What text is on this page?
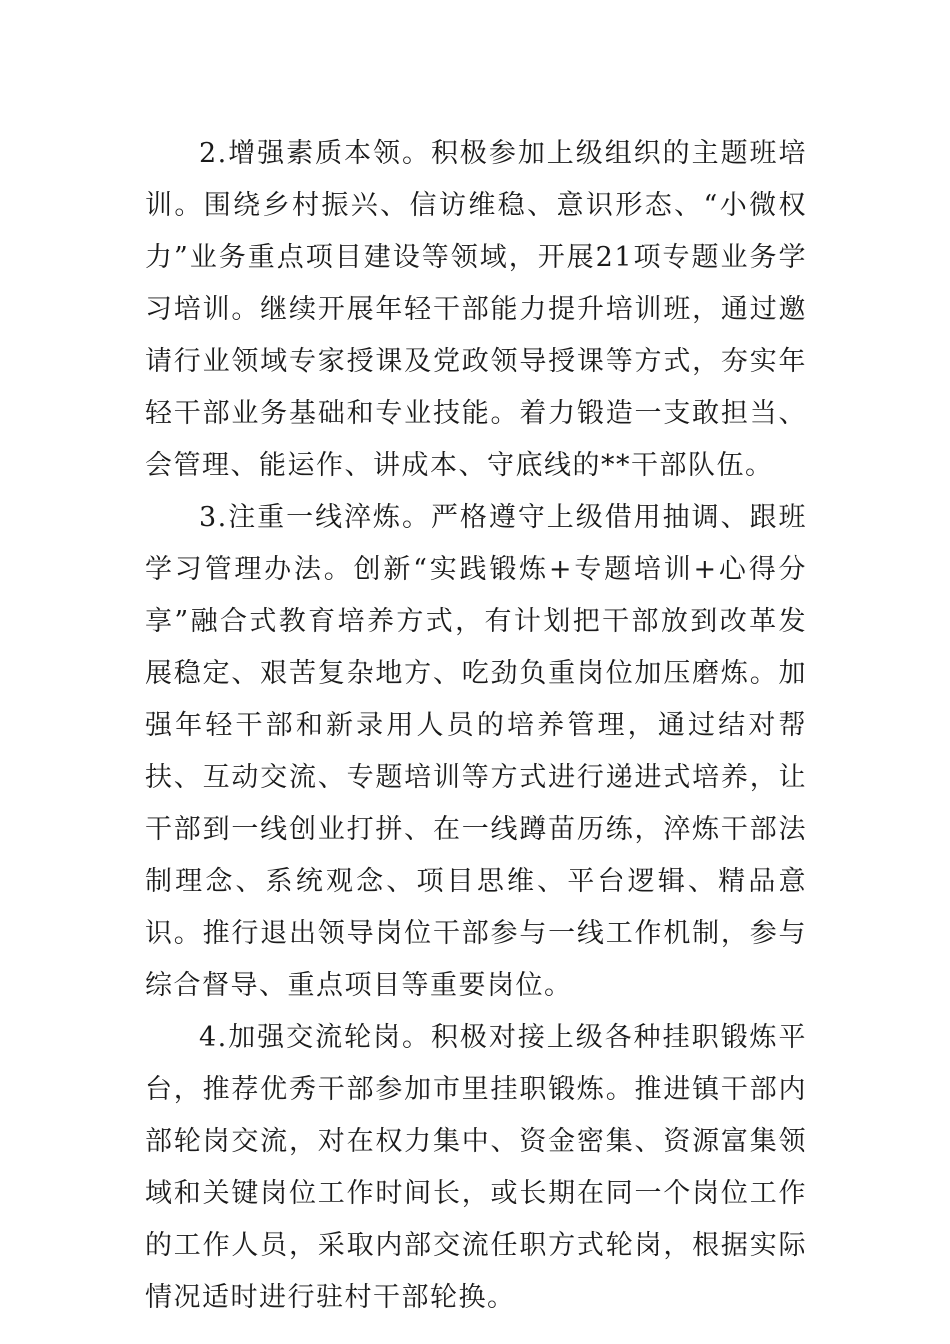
2.增强素质本领。积极参加上级组织的主题班培训。围绕乡村振兴、信访维稳、意识形态、“小微权力”业务重点项目建设等领域，开展21项专题业务学习培训。继续开展年轻干部能力提升培训班，通过邀请行业领域专家授课及党政领导授课等方式，夯实年轻干部业务基础和专业技能。着力锻造一支敢担当、会管理、能运作、讲成本、守底线的**干部队伍。

3.注重一线淬炼。严格遵守上级借用抽调、跟班学习管理办法。创新“实践锻炼+专题培训+心得分享”融合式教育培养方式，有计划把干部放到改革发展稳定、艰苦复杂地方、吃劲负重岗位加压磨炼。加强年轻干部和新录用人员的培养管理，通过结对帮扶、互动交流、专题培训等方式进行递进式培养，让干部到一线创业打拼、在一线蹲苗历练，淬炼干部法制理念、系统观念、项目思维、平台逻辑、精品意识。推行退出领导岗位干部参与一线工作机制，参与综合督导、重点项目等重要岗位。

4.加强交流轮岗。积极对接上级各种挂职锻炼平台，推荐优秀干部参加市里挂职锻炼。推进镇干部内部轮岗交流，对在权力集中、资金密集、资源富集领域和关键岗位工作时间长，或长期在同一个岗位工作的工作人员，采取内部交流任职方式轮岗，根据实际情况适时进行驻村干部轮换。
